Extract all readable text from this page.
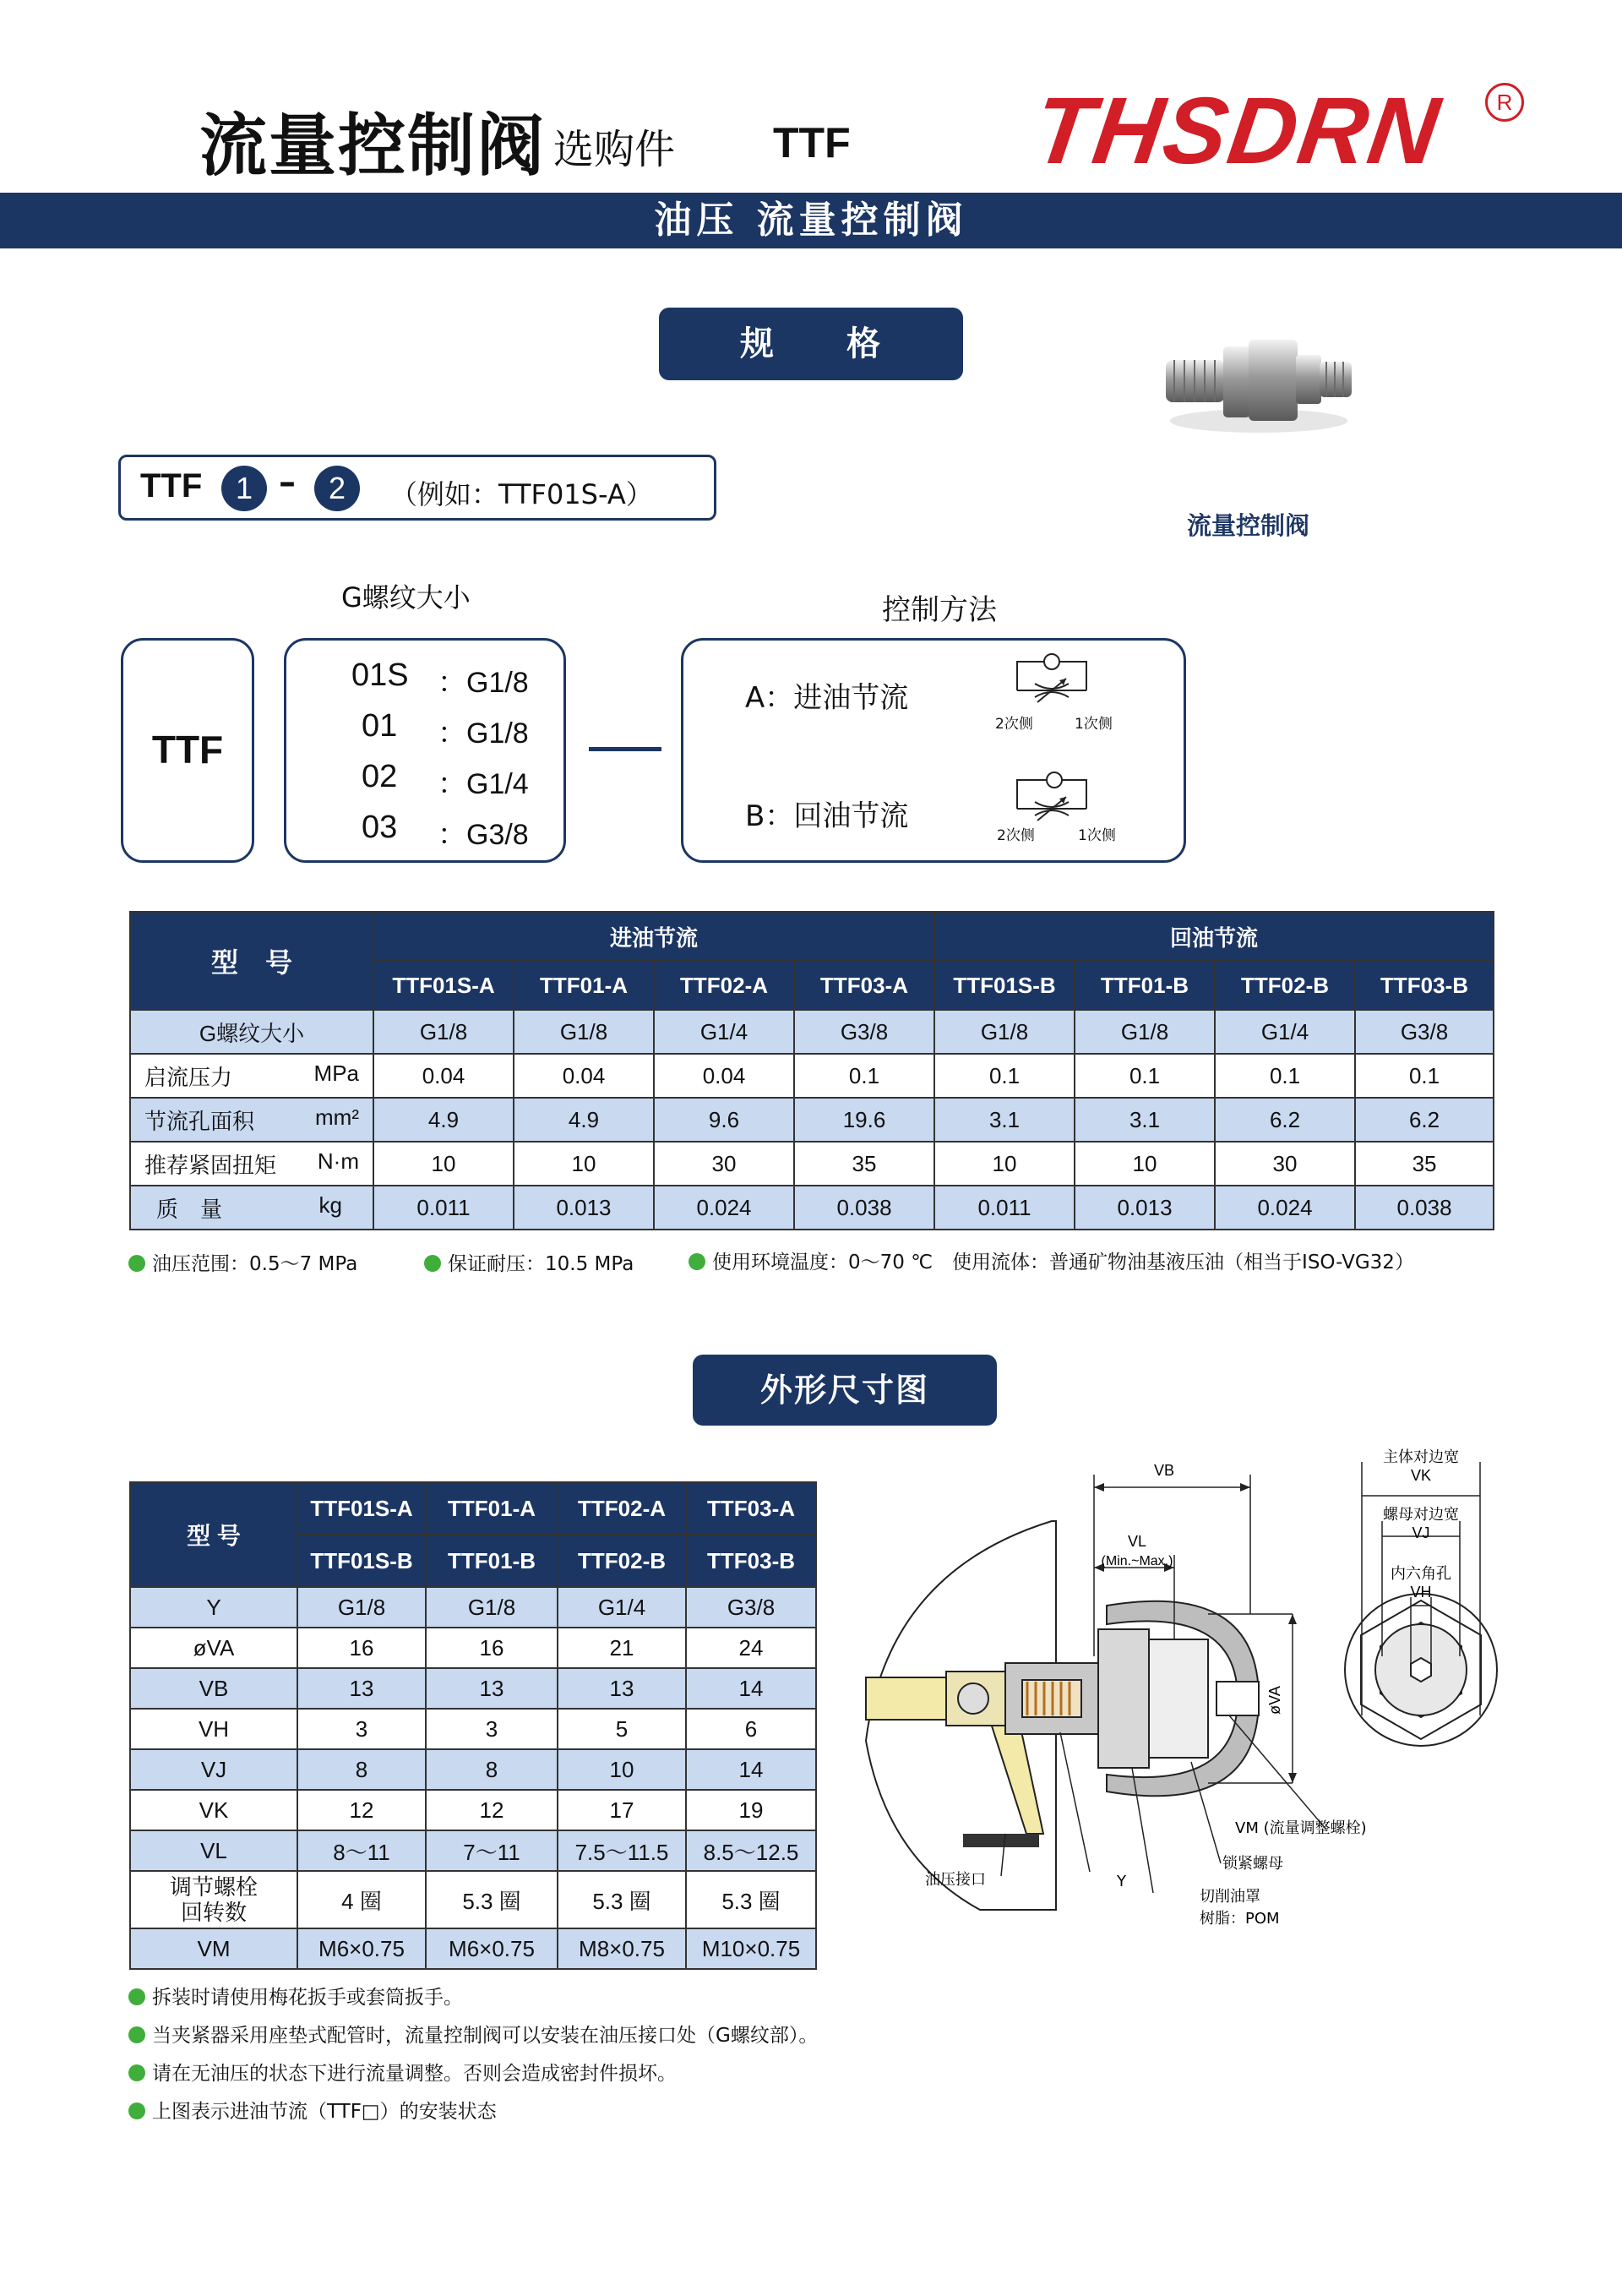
流量控制阀 选购件 TTF THSDRN	R
油压 流量控制阀
规　　格
流量控制阀
TTF	1 –	2	（例如：TTF01S-A）
G螺纹大小	控制方法
TTF
01S ：G1/8
01 ：G1/8
02 ：G1/4
03 ：G3/8
A：进油节流
B：回油节流
2次侧	1次侧
2次侧	1次侧
型　号	进油节流				回油节流			
	TTF01S-A	TTF01-A	TTF02-A	TTF03-A	TTF01S-B	TTF01-B	TTF02-B	TTF03-B
G螺纹大小	G1/8	G1/8	G1/4	G3/8	G1/8	G1/8	G1/4	G3/8
启流压力 MPa	0.04	0.04	0.04	0.1	0.1	0.1	0.1	0.1
节流孔面积 mm²	4.9	4.9	9.6	19.6	3.1	3.1	6.2	6.2
推荐紧固扭矩 N·m	10	10	30	35	10	10	30	35
质　量 kg	0.011	0.013	0.024	0.038	0.011	0.013	0.024	0.038
油压范围：0.5～7 MPa	保证耐压：10.5 MPa	使用环境温度：0～70 ℃　使用流体：普通矿物油基液压油（相当于ISO-VG32）
外形尺寸图
型 号	TTF01S-A	TTF01-A	TTF02-A	TTF03-A
	TTF01S-B	TTF01-B	TTF02-B	TTF03-B
Y	G1/8	G1/8	G1/4	G3/8
øVA	16	16	21	24
VB	13	13	13	14
VH	3	3	5	6
VJ	8	8	10	14
VK	12	12	17	19
VL	8～11	7～11	7.5～11.5	8.5～12.5
调节螺栓
回转数	4 圈	5.3 圈	5.3 圈	5.3 圈
VM	M6×0.75	M6×0.75	M8×0.75	M10×0.75
VB
VL
(Min.~Max.)
øVA
VM (流量调整螺栓)
锁紧螺母
油压接口	Y
切削油罩
树脂：POM
主体对边宽
VK
螺母对边宽
VJ
内六角孔
VH
拆装时请使用梅花扳手或套筒扳手。
当夹紧器采用座垫式配管时，流量控制阀可以安装在油压接口处（G螺纹部）。
请在无油压的状态下进行流量调整。否则会造成密封件损坏。
上图表示进油节流（TTF□）的安装状态
